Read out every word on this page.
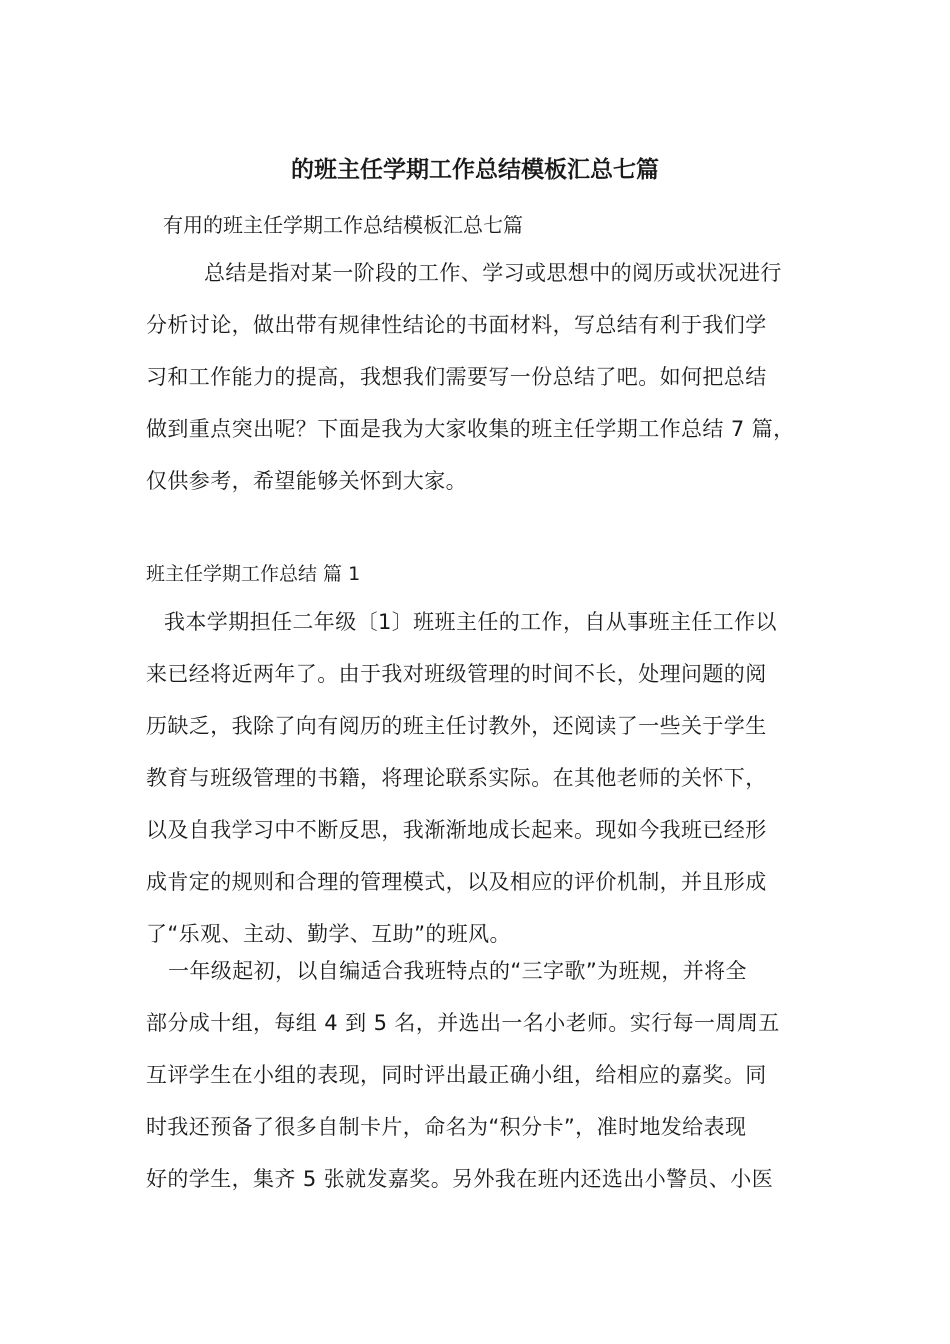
的班主任学期工作总结模板汇总七篇

有用的班主任学期工作总结模板汇总七篇

总结是指对某一阶段的工作、学习或思想中的阅历或状况进行
分析讨论，做出带有规律性结论的书面材料，写总结有利于我们学
习和工作能力的提高，我想我们需要写一份总结了吧。如何把总结
做到重点突出呢？下面是我为大家收集的班主任学期工作总结 7 篇，
仅供参考，希望能够关怀到大家。

班主任学期工作总结 篇 1

我本学期担任二年级〔1〕班班主任的工作，自从事班主任工作以
来已经将近两年了。由于我对班级管理的时间不长，处理问题的阅
历缺乏，我除了向有阅历的班主任讨教外，还阅读了一些关于学生
教育与班级管理的书籍，将理论联系实际。在其他老师的关怀下，
以及自我学习中不断反思，我渐渐地成长起来。现如今我班已经形
成肯定的规则和合理的管理模式，以及相应的评价机制，并且形成
了“乐观、主动、勤学、互助”的班风。
一年级起初，以自编适合我班特点的“三字歌”为班规，并将全
部分成十组，每组 4 到 5 名，并选出一名小老师。实行每一周周五
互评学生在小组的表现，同时评出最正确小组，给相应的嘉奖。同
时我还预备了很多自制卡片，命名为“积分卡”，准时地发给表现
好的学生，集齐 5 张就发嘉奖。另外我在班内还选出小警员、小医
